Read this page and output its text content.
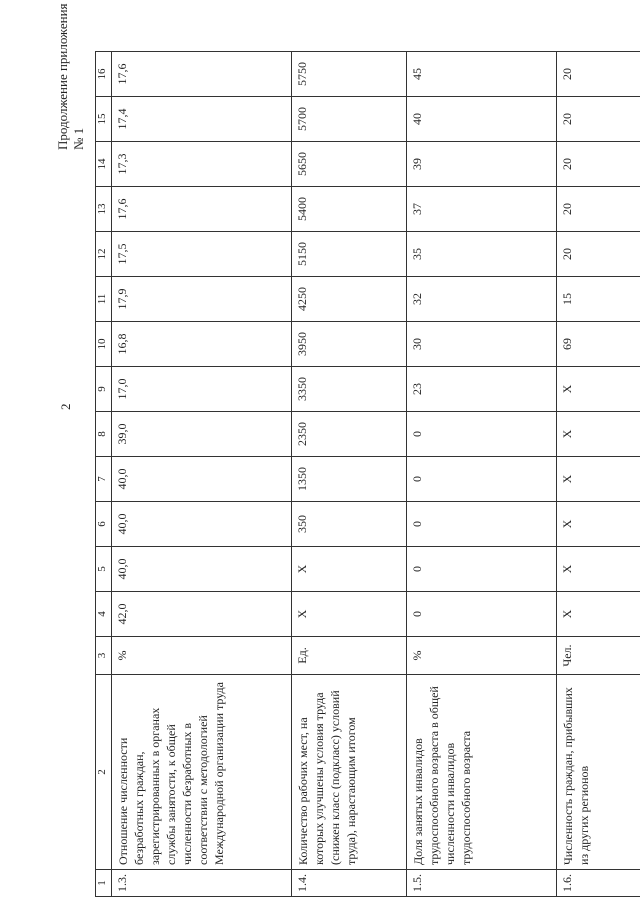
2
Продолжение приложения № 1
1	2	3	4	5	6	7	8	9	10	11	12	13	14	15	16
1.3.	Отношение численности безработных граждан, зарегистрированных в органах службы занятости, к общей численности безработных в соответствии с методологией Международной организации труда	%	42,0	40,0	40,0	40,0	39,0	17,0	16,8	17,9	17,5	17,6	17,3	17,4	17,6
1.4.	Количество рабочих мест, на которых улучшены условия труда (снижен класс (подкласс) условий труда), нарастающим итогом	Ед.	Х	Х	350	1350	2350	3350	3950	4250	5150	5400	5650	5700	5750
1.5.	Доля занятых инвалидов трудоспособного возраста в общей численности инвалидов трудоспособного возраста	%	0	0	0	0	0	23	30	32	35	37	39	40	45
1.6.	Численность граждан, прибывших из других регионов	Чел.	Х	Х	Х	Х	Х	Х	69	15	20	20	20	20	20
